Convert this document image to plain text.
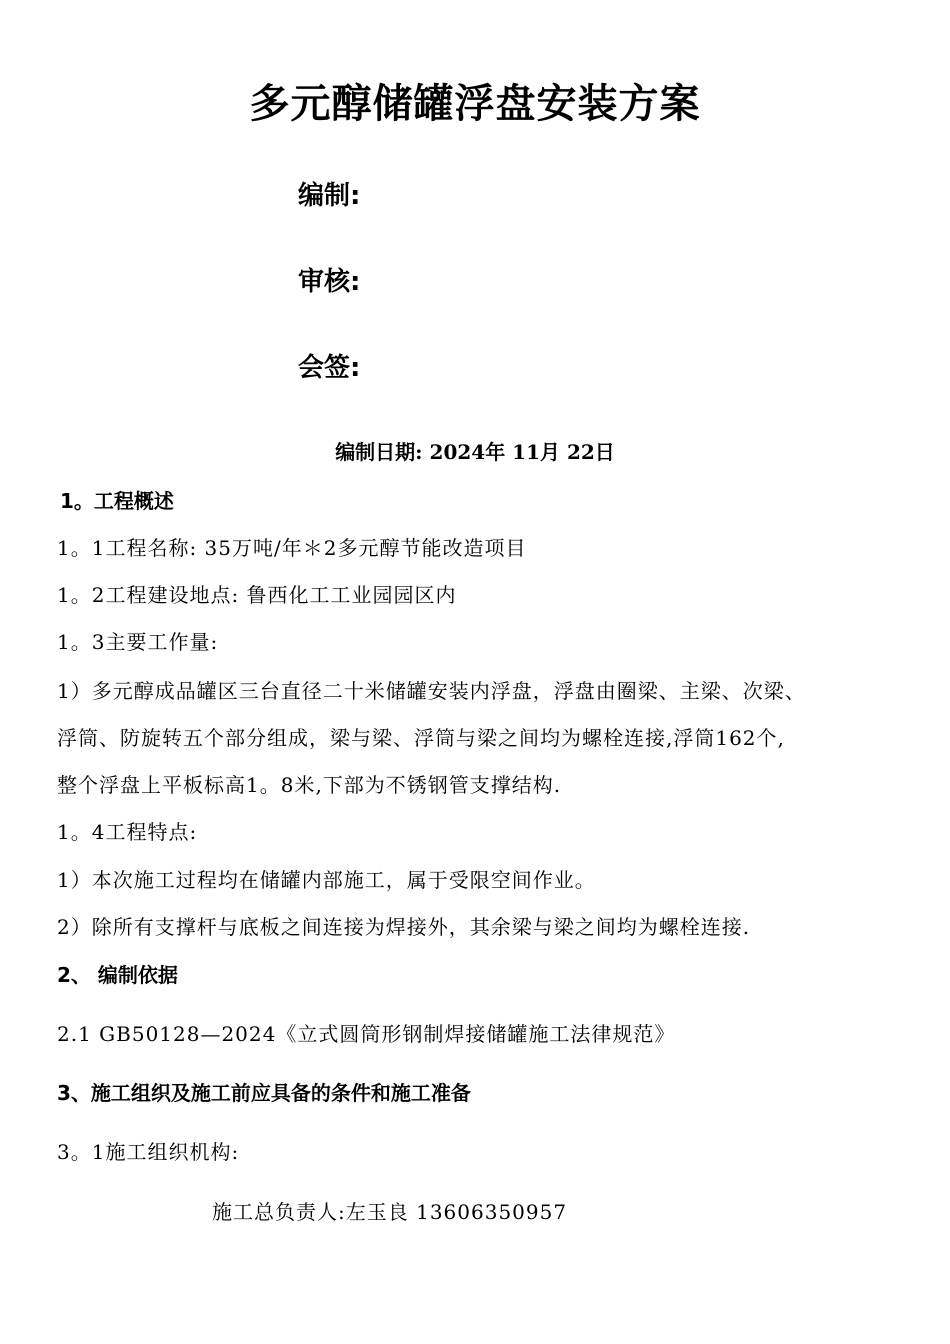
多元醇储罐浮盘安装方案
编制:
审核:
会签:
编制日期: 2024年 11月 22日
1。工程概述
1。1工程名称: 35万吨/年＊2多元醇节能改造项目
1。2工程建设地点: 鲁西化工工业园园区内
1。3主要工作量:
1）多元醇成品罐区三台直径二十米储罐安装内浮盘，浮盘由圈梁、主梁、次梁、
浮筒、防旋转五个部分组成，梁与梁、浮筒与梁之间均为螺栓连接,浮筒162个,
整个浮盘上平板标高1。8米,下部为不锈钢管支撑结构.
1。4工程特点:
1）本次施工过程均在储罐内部施工，属于受限空间作业。
2）除所有支撑杆与底板之间连接为焊接外，其余梁与梁之间均为螺栓连接.
2、 编制依据
2.1 GB50128—2024《立式圆筒形钢制焊接储罐施工法律规范》
3、施工组织及施工前应具备的条件和施工准备
3。1施工组织机构:
施工总负责人:左玉良 13606350957
